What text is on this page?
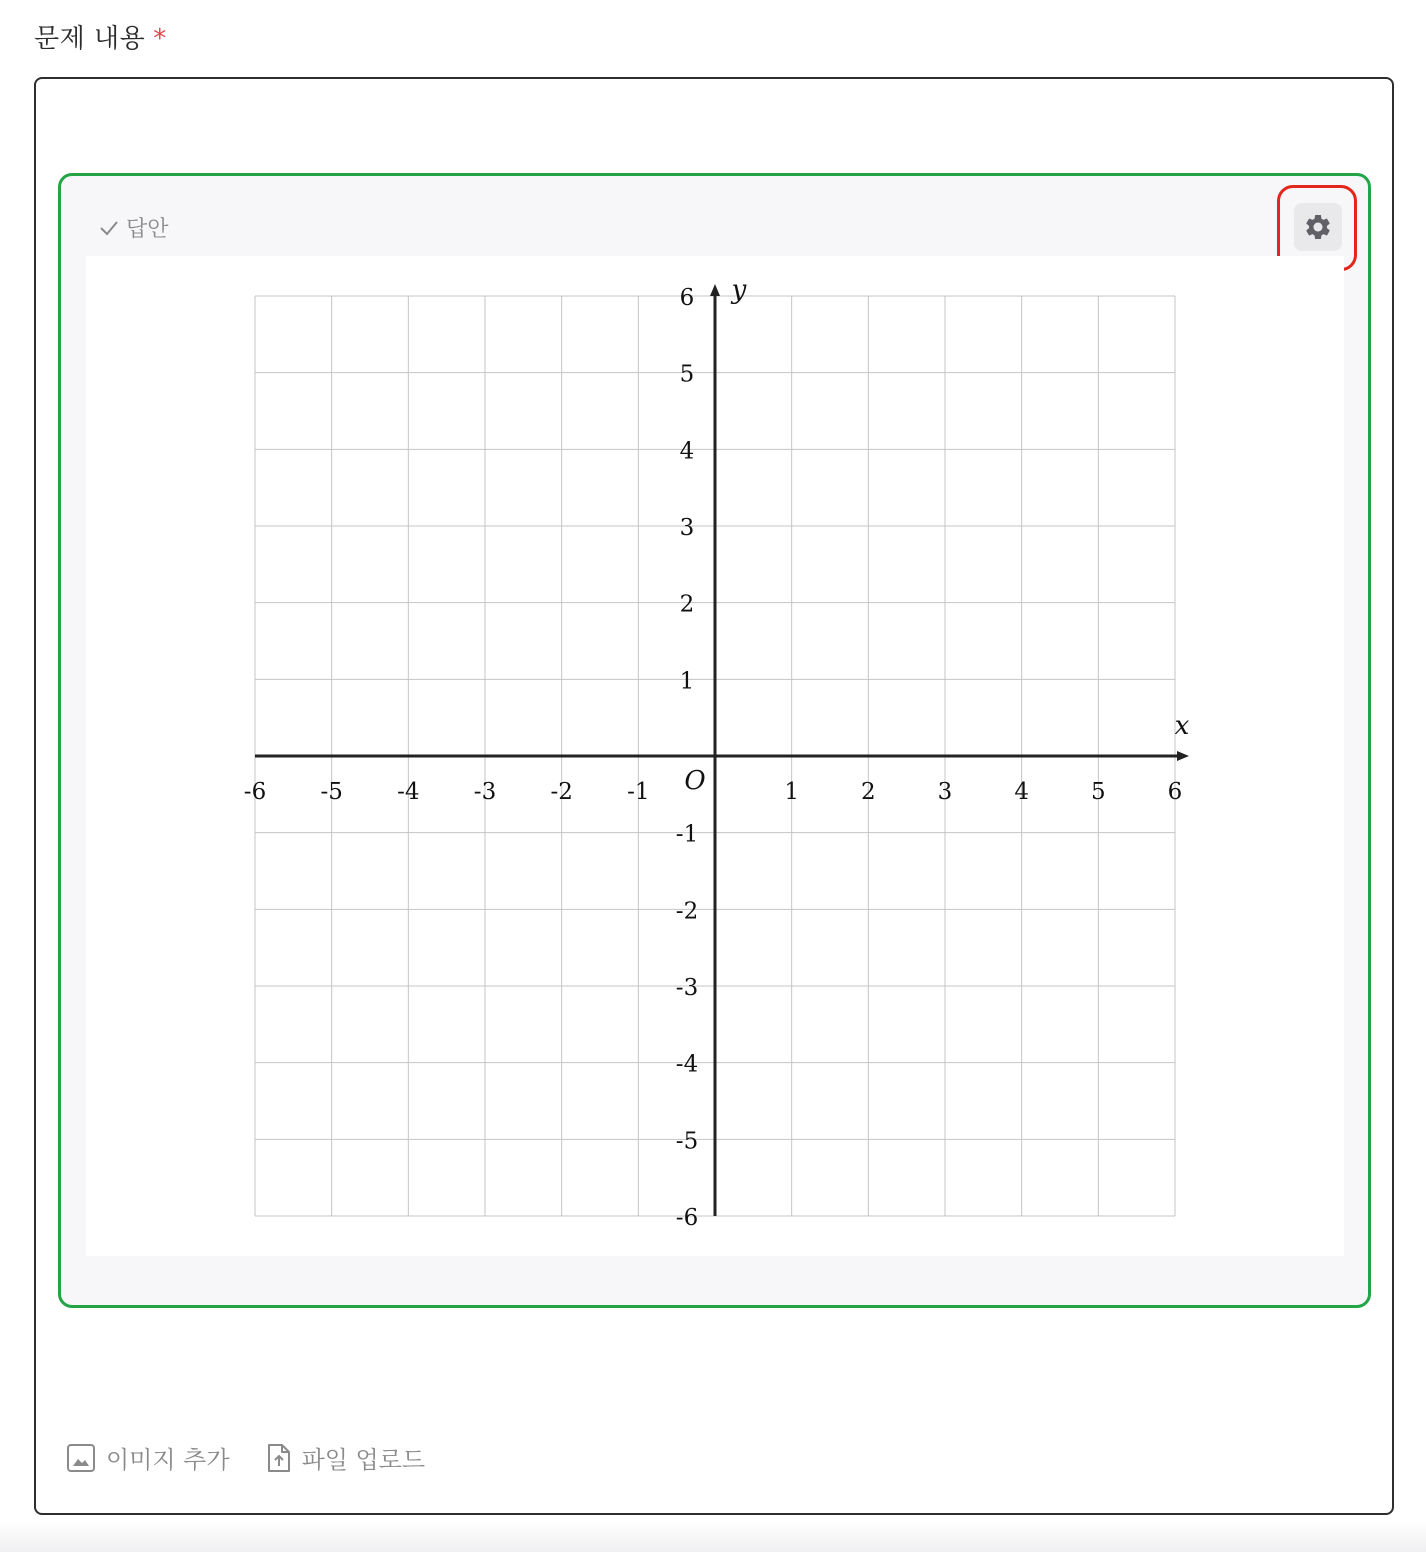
문제 내용 *
답안
-6 -5 -4 -3 -2 -1	1	2	3	4	5	6
6
5
4
3
2
1
-1
-2
-3
-4
-5
-6
O
x
y
이미지 추가	파일 업로드
